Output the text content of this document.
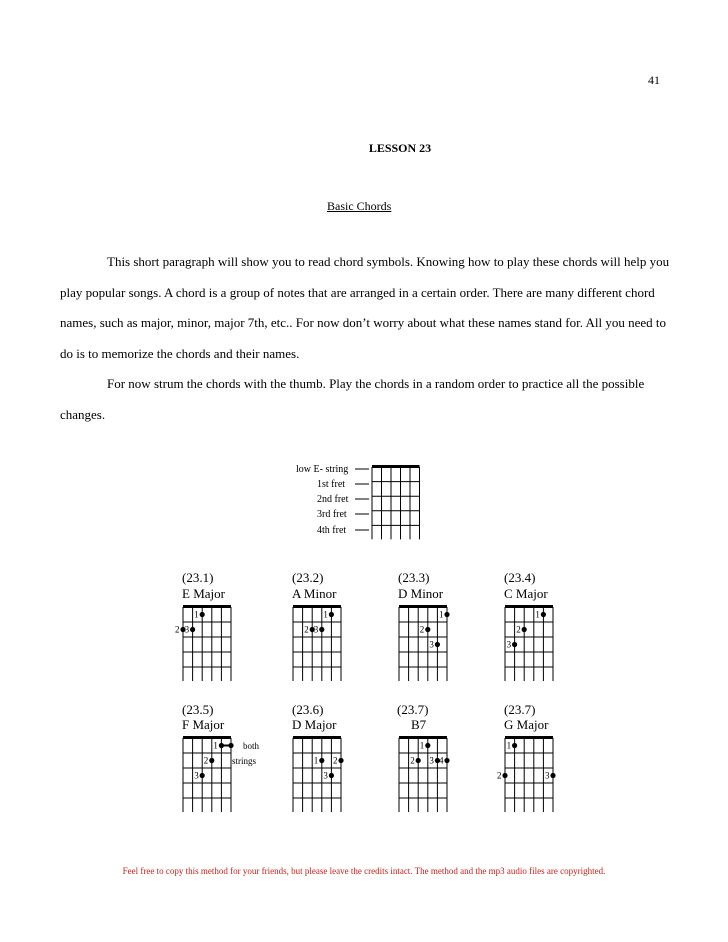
41
LESSON 23
Basic Chords

This short paragraph will show you to read chord symbols. Knowing how to play these chords will help you play popular songs. A chord is a group of notes that are arranged in a certain order. There are many different chord names, such as major, minor, major 7th, etc.. For now don’t worry about what these names stand for. All you need to do is to memorize the chords and their names.

For now strum the chords with the thumb. Play the chords in a random order to practice all the possible changes.

low E- string
1st fret
2nd fret
3rd fret
4th fret
(23.1)
E Major
1
2 3
(23.2)
A Minor
1
2 3
(23.3)
D Minor
1
2
3
(23.4)
C Major
1
2
3
(23.5)
F Major
1
2
3
both
strings
(23.6)
D Major
1 2
3
(23.7)
B7
1
2 3 4
(23.7)
G Major
1
2	3
Feel free to copy this method for your friends, but please leave the credits intact. The method and the mp3 audio files are copyrighted.
